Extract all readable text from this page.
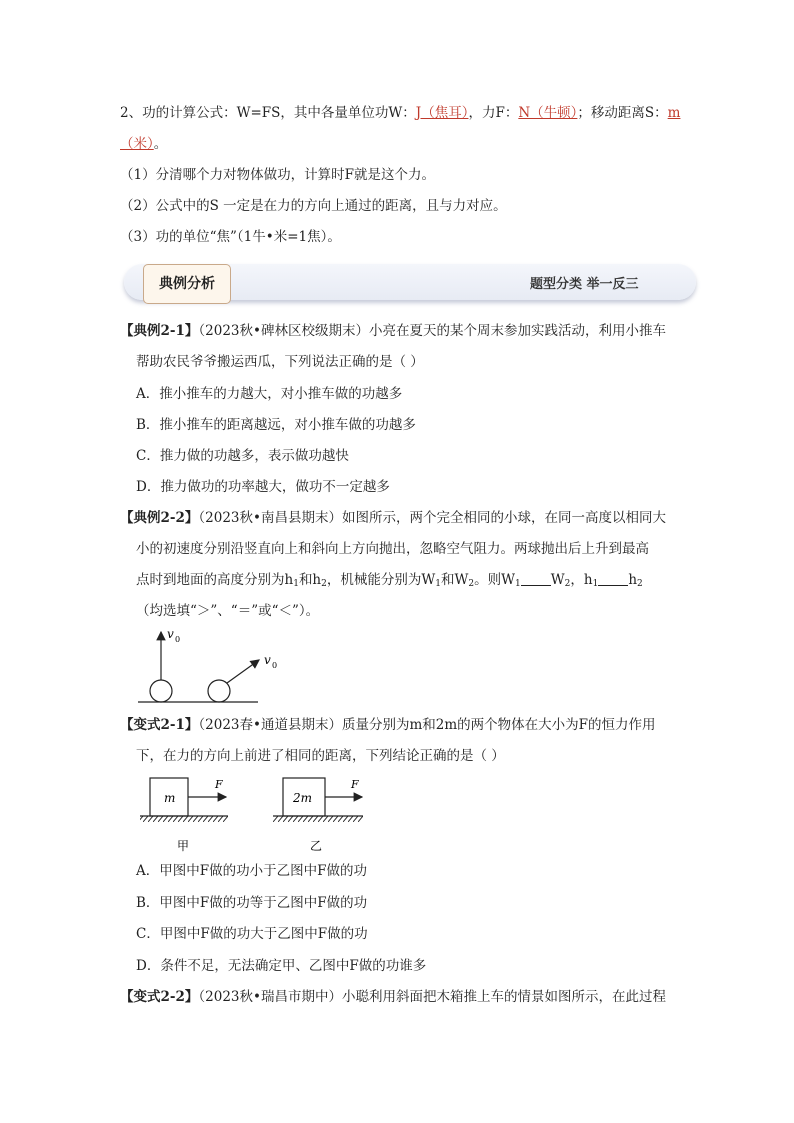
2、功的计算公式：W=FS，其中各量单位功W：J（焦耳），力F：N（牛顿）；移动距离S：m
（米）。
（1）分清哪个力对物体做功，计算时F就是这个力。
（2）公式中的S 一定是在力的方向上通过的距离，且与力对应。
（3）功的单位“焦”（1牛•米=1焦）。
典例分析	题型分类 举一反三
【典例2-1】（2023秋•碑林区校级期末）小亮在夏天的某个周末参加实践活动，利用小推车
帮助农民爷爷搬运西瓜，下列说法正确的是（ ）
A．推小推车的力越大，对小推车做的功越多
B．推小推车的距离越远，对小推车做的功越多
C．推力做的功越多，表示做功越快
D．推力做功的功率越大，做功不一定越多
【典例2-2】（2023秋•南昌县期末）如图所示，两个完全相同的小球，在同一高度以相同大
小的初速度分别沿竖直向上和斜向上方向抛出，忽略空气阻力。两球抛出后上升到最高
点时到地面的高度分别为$h_1$和$h_2$，机械能分别为$W_1$和$W_2$。则$W_1$ $W_2$，$h_1$ $h_2$
（均选填“＞”、“＝”或“＜”）。
v 0
v 0
【变式2-1】（2023春•通道县期末）质量分别为m和2m的两个物体在大小为F的恒力作用
下，在力的方向上前进了相同的距离，下列结论正确的是（ ）
m
F
2m
F
甲	乙
A．甲图中F做的功小于乙图中F做的功
B．甲图中F做的功等于乙图中F做的功
C．甲图中F做的功大于乙图中F做的功
D．条件不足，无法确定甲、乙图中F做的功谁多
【变式2-2】（2023秋•瑞昌市期中）小聪利用斜面把木箱推上车的情景如图所示，在此过程
